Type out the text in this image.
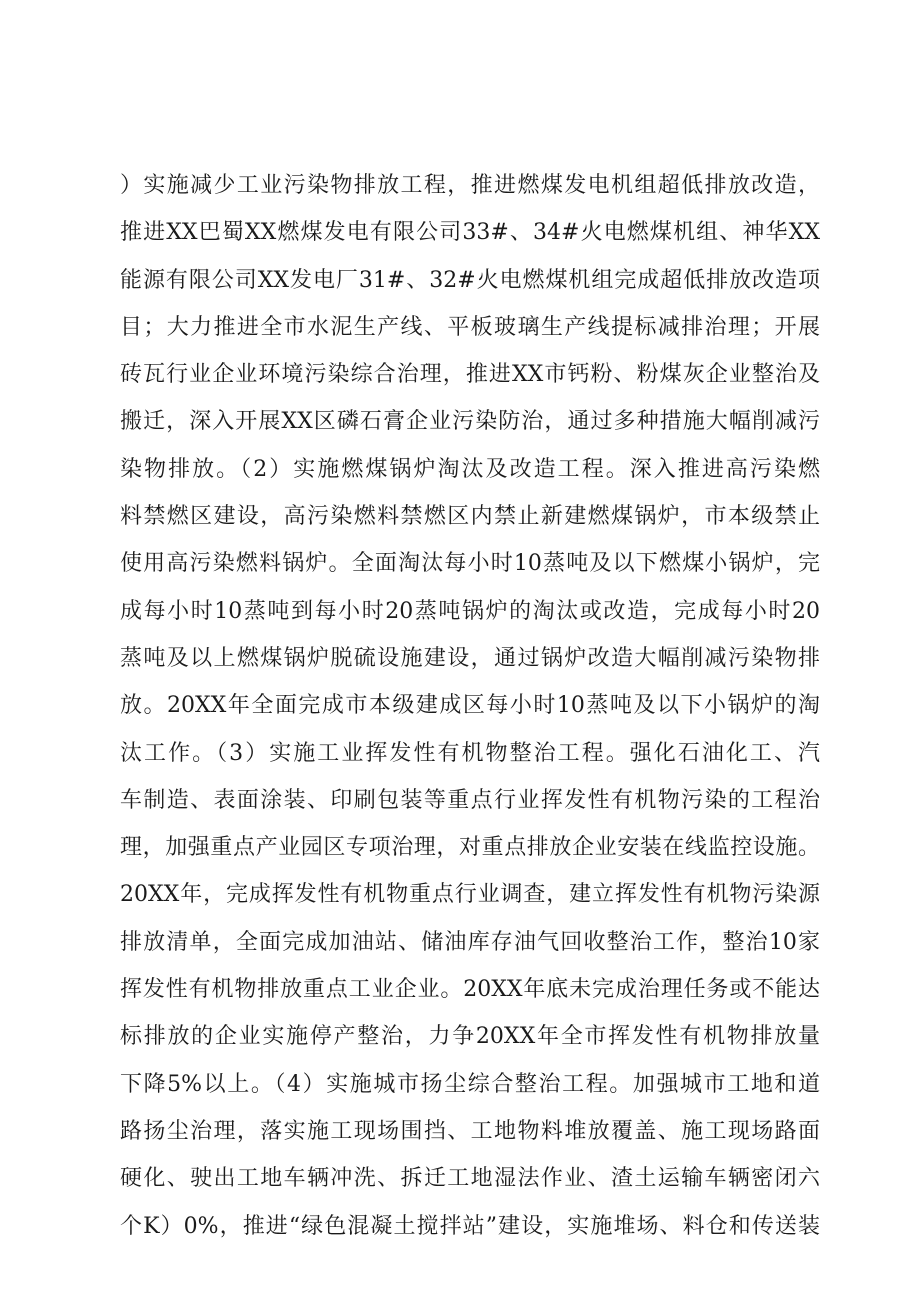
）实施减少工业污染物排放工程，推进燃煤发电机组超低排放改造，
推进XX巴蜀XX燃煤发电有限公司33#、34#火电燃煤机组、神华XX
能源有限公司XX发电厂31#、32#火电燃煤机组完成超低排放改造项
目；大力推进全市水泥生产线、平板玻璃生产线提标减排治理；开展
砖瓦行业企业环境污染综合治理，推进XX市钙粉、粉煤灰企业整治及
搬迁，深入开展XX区磷石膏企业污染防治，通过多种措施大幅削减污
染物排放。（2）实施燃煤锅炉淘汰及改造工程。深入推进高污染燃
料禁燃区建设，高污染燃料禁燃区内禁止新建燃煤锅炉，市本级禁止
使用高污染燃料锅炉。全面淘汰每小时10蒸吨及以下燃煤小锅炉，完
成每小时10蒸吨到每小时20蒸吨锅炉的淘汰或改造，完成每小时20
蒸吨及以上燃煤锅炉脱硫设施建设，通过锅炉改造大幅削减污染物排
放。20XX年全面完成市本级建成区每小时10蒸吨及以下小锅炉的淘
汰工作。（3）实施工业挥发性有机物整治工程。强化石油化工、汽
车制造、表面涂装、印刷包装等重点行业挥发性有机物污染的工程治
理，加强重点产业园区专项治理，对重点排放企业安装在线监控设施。
20XX年，完成挥发性有机物重点行业调查，建立挥发性有机物污染源
排放清单，全面完成加油站、储油库存油气回收整治工作，整治10家
挥发性有机物排放重点工业企业。20XX年底未完成治理任务或不能达
标排放的企业实施停产整治，力争20XX年全市挥发性有机物排放量
下降5%以上。（4）实施城市扬尘综合整治工程。加强城市工地和道
路扬尘治理，落实施工现场围挡、工地物料堆放覆盖、施工现场路面
硬化、驶出工地车辆冲洗、拆迁工地湿法作业、渣土运输车辆密闭六
个K）0%，推进“绿色混凝土搅拌站”建设，实施堆场、料仓和传送装
